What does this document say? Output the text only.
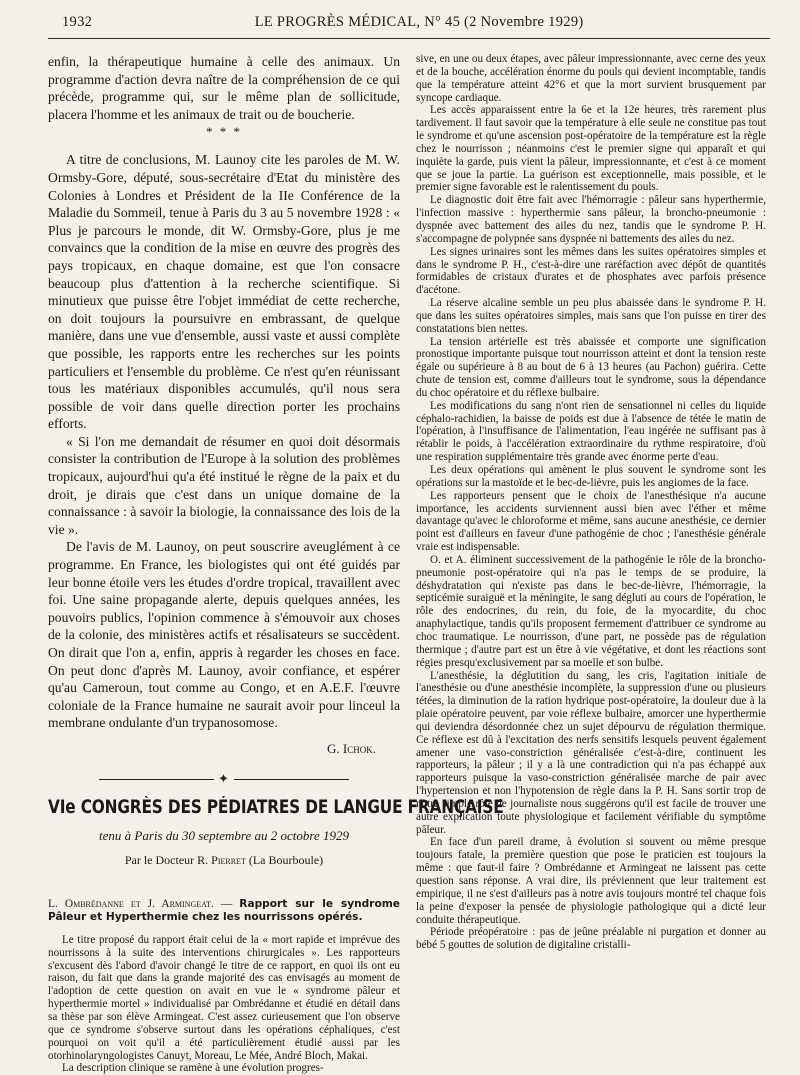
1932	LE PROGRÈS MÉDICAL, N° 45 (2 Novembre 1929)

enfin, la thérapeutique humaine à celle des animaux. Un programme d'action devra naître de la compréhension de ce qui précède, programme qui, sur le même plan de sollicitude, placera l'homme et les animaux de trait ou de boucherie.

* * *

A titre de conclusions, M. Launoy cite les paroles de M. W. Ormsby-Gore, député, sous-secrétaire d'Etat du ministère des Colonies à Londres et Président de la IIe Conférence de la Maladie du Sommeil, tenue à Paris du 3 au 5 novembre 1928 : « Plus je parcours le monde, dit W. Ormsby-Gore, plus je me convaincs que la condition de la mise en œuvre des progrès des pays tropicaux, en chaque domaine, est que l'on consacre beaucoup plus d'attention à la recherche scientifique. Si minutieux que puisse être l'objet immédiat de cette recherche, on doit toujours la poursuivre en embrassant, de quelque manière, dans une vue d'ensemble, aussi vaste et aussi complète que possible, les rapports entre les recherches sur les points particuliers et l'ensemble du problème. Ce n'est qu'en réunissant tous les matériaux disponibles accumulés, qu'il nous sera possible de voir dans quelle direction porter les prochains efforts.

« Si l'on me demandait de résumer en quoi doit désormais consister la contribution de l'Europe à la solution des problèmes tropicaux, aujourd'hui qu'a été institué le règne de la paix et du droit, je dirais que c'est dans un unique domaine de la connaissance : à savoir la biologie, la connaissance des lois de la vie ».

De l'avis de M. Launoy, on peut souscrire aveuglément à ce programme. En France, les biologistes qui ont été guidés par leur bonne étoile vers les études d'ordre tropical, travaillent avec foi. Une saine propagande alerte, depuis quelques années, les pouvoirs publics, l'opinion commence à s'émouvoir aux choses de la colonie, des ministères actifs et résalisateurs se succèdent. On dirait que l'on a, enfin, appris à regarder les choses en face. On peut donc d'après M. Launoy, avoir confiance, et espérer qu'au Cameroun, tout comme au Congo, et en A.E.F. l'œuvre coloniale de la France humaine ne saurait avoir pour linceul la membrane ondulante d'un trypanosomose.

G. Ichok.
✦
VIe CONGRÈS DES PÉDIATRES DE LANGUE FRANÇAISE
tenu à Paris du 30 septembre au 2 octobre 1929
Par le Docteur R. Pierret (La Bourboule)

L. Ombrédanne et J. Armingeat. — Rapport sur le syndrome Pâleur et Hyperthermie chez les nourrissons opérés.

Le titre proposé du rapport était celui de la « mort rapide et imprévue des nourrissons à la suite des interventions chirurgicales ». Les rapporteurs s'excusent dès l'abord d'avoir changé le titre de ce rapport, en quoi ils ont eu raison, du fait que dans la grande majorité des cas envisagés au moment de l'adoption de cette question on avait en vue le « syndrome pâleur et hyperthermie mortel » individualisé par Ombrédanne et étudié en détail dans sa thèse par son élève Armingeat. C'est assez curieusement que l'on observe que ce syndrome s'observe surtout dans les opérations céphaliques, c'est pourquoi on voit qu'il a été particulièrement étudié aussi par les otorhinolaryngologistes Canuyt, Moreau, Le Mée, André Bloch, Makai.

La description clinique se ramène à une évolution progres-

sive, en une ou deux étapes, avec pâleur impressionnante, avec cerne des yeux et de la bouche, accélération énorme du pouls qui devient incomptable, tandis que la température atteint 42°6 et que la mort survient brusquement par syncope cardiaque.

Les accès apparaissent entre la 6e et la 12e heures, très rarement plus tardivement. Il faut savoir que la température à elle seule ne constitue pas tout le syndrome et qu'une ascension post-opératoire de la température est la règle chez le nourrisson ; néanmoins c'est le premier signe qui apparaît et qui inquiète la garde, puis vient la pâleur, impressionnante, et c'est à ce moment que se joue la partie. La guérison est exceptionnelle, mais possible, et le premier signe favorable est le ralentissement du pouls.

Le diagnostic doit être fait avec l'hémorragie : pâleur sans hyperthermie, l'infection massive : hyperthermie sans pâleur, la broncho-pneumonie : dyspnée avec battement des ailes du nez, tandis que le syndrome P. H. s'accompagne de polypnée sans dyspnée ni battements des ailes du nez.

Les signes urinaires sont les mêmes dans les suites opératoires simples et dans le syndrome P. H., c'est-à-dire une raréfaction avec dépôt de quantités formidables de cristaux d'urates et de phosphates avec parfois présence d'acétone.

La réserve alcaline semble un peu plus abaissée dans le syndrome P. H. que dans les suites opératoires simples, mais sans que l'on puisse en tirer des constatations bien nettes.

La tension artérielle est très abaissée et comporte une signification pronostique importante puisque tout nourrisson atteint et dont la tension reste égale ou supérieure à 8 au bout de 6 à 13 heures (au Pachon) guérira. Cette chute de tension est, comme d'ailleurs tout le syndrome, sous la dépendance du choc opératoire et du réflexe bulbaire.

Les modifications du sang n'ont rien de sensationnel ni celles du liquide céphalo-rachidien, la baisse de poids est due à l'absence de tétée le matin de l'opération, à l'insuffisance de l'alimentation, l'eau ingérée ne suffisant pas à rétablir le poids, à l'accélération extraordinaire du rythme respiratoire, d'où une respiration supplémentaire très grande avec énorme perte d'eau.

Les deux opérations qui amènent le plus souvent le syndrome sont les opérations sur la mastoïde et le bec-de-lièvre, puis les angiomes de la face.

Les rapporteurs pensent que le choix de l'anesthésique n'a aucune importance, les accidents surviennent aussi bien avec l'éther et même davantage qu'avec le chloroforme et même, sans aucune anesthésie, ce dernier point est d'ailleurs en faveur d'une pathogénie de choc ; l'anesthésie générale vraie est indispensable.

O. et A. éliminent successivement de la pathogénie le rôle de la broncho-pneumonie post-opératoire qui n'a pas le temps de se produire, la déshydratation qui n'existe pas dans le bec-de-lièvre, l'hémorragie, la septicémie suraiguë et la méningite, le sang dégluti au cours de l'opération, le rôle des endocrines, du rein, du foie, de la myocardite, du choc anaphylactique, tandis qu'ils proposent fermement d'attribuer ce syndrome au choc traumatique. Le nourrisson, d'une part, ne possède pas de régulation thermique ; d'autre part est un être à vie végétative, et dont les réactions sont régies presqu'exclusivement par sa moelle et son bulbe.

L'anesthésie, la déglutition du sang, les cris, l'agitation initiale de l'anesthésie ou d'une anesthésie incomplète, la suppression d'une ou plusieurs tétées, la diminution de la ration hydrique post-opératoire, la douleur due à la plaie opératoire peuvent, par voie réflexe bulbaire, amorcer une hyperthermie qui deviendra désordonnée chez un sujet dépourvu de régulation thermique. Ce réflexe est dû à l'excitation des nerfs sensitifs lesquels peuvent également amener une vaso-constriction généralisée c'est-à-dire, continuent les rapporteurs, la pâleur ; il y a là une contradiction qui n'a pas échappé aux rapporteurs puisque la vaso-constriction généralisée marche de pair avec l'hypertension et non l'hypotension de règle dans la P. H. Sans sortir trop de notre simple rôle de journaliste nous suggérons qu'il est facile de trouver une autre explication toute physiologique et facilement vérifiable du symptôme pâleur.

En face d'un pareil drame, à évolution si souvent ou même presque toujours fatale, la première question que pose le praticien est toujours la même : que faut-il faire ? Ombrédanne et Armingeat ne laissent pas cette question sans réponse. A vrai dire, ils préviennent que leur traitement est empirique, il ne s'est d'ailleurs pas à notre avis toujours montré tel chaque fois la peine d'exposer la pensée de physiologie pathologique qui a dicté leur conduite thérapeutique.

Période préopératoire : pas de jeûne préalable ni purgation et donner au bébé 5 gouttes de solution de digitaline cristalli-
